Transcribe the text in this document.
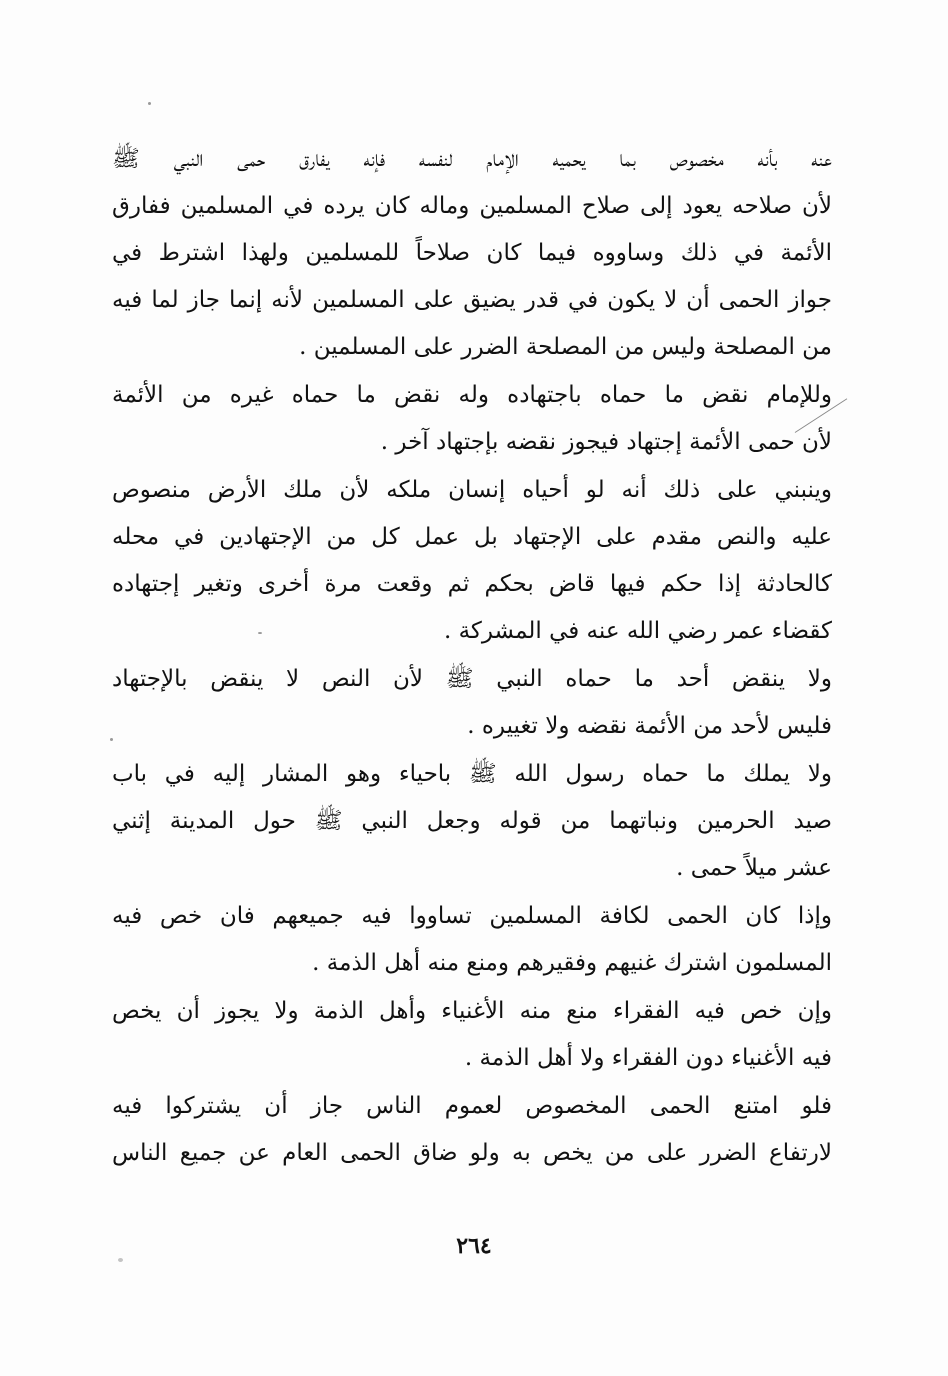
عنه بأنه مخصوص بما يحميه الإمام لنفسه فإنه يفارق حمى النبي ﷺ
لأن صلاحه يعود إلى صلاح المسلمين وماله كان يرده في المسلمين ففارق
الأئمة في ذلك وساووه فيما كان صلاحاً للمسلمين ولهذا اشترط في
جواز الحمى أن لا يكون في قدر يضيق على المسلمين لأنه إنما جاز لما فيه
من المصلحة وليس من المصلحة الضرر على المسلمين .
وللإمام نقض ما حماه باجتهاده وله نقض ما حماه غيره من الأئمة
لأن حمى الأئمة إجتهاد فيجوز نقضه بإجتهاد آخر .
وينبني على ذلك أنه لو أحياه إنسان ملكه لأن ملك الأرض منصوص
عليه والنص مقدم على الإجتهاد بل عمل كل من الإجتهادين في محله
كالحادثة إذا حكم فيها قاض بحكم ثم وقعت مرة أخرى وتغير إجتهاده
كقضاء عمر رضي الله عنه في المشركة .
ولا ينقض أحد ما حماه النبي ﷺ لأن النص لا ينقض بالإجتهاد
فليس لأحد من الأئمة نقضه ولا تغييره .
ولا يملك ما حماه رسول الله ﷺ باحياء وهو المشار إليه في باب
صيد الحرمين ونباتهما من قوله وجعل النبي ﷺ حول المدينة إثني
عشر ميلاً حمى .
وإذا كان الحمى لكافة المسلمين تساووا فيه جميعهم فان خص فيه
المسلمون اشترك غنيهم وفقيرهم ومنع منه أهل الذمة .
وإن خص فيه الفقراء منع منه الأغنياء وأهل الذمة ولا يجوز أن يخص
فيه الأغنياء دون الفقراء ولا أهل الذمة .
فلو امتنع الحمى المخصوص لعموم الناس جاز أن يشتركوا فيه
لارتفاع الضرر على من يخص به ولو ضاق الحمى العام عن جميع الناس
٢٦٤
